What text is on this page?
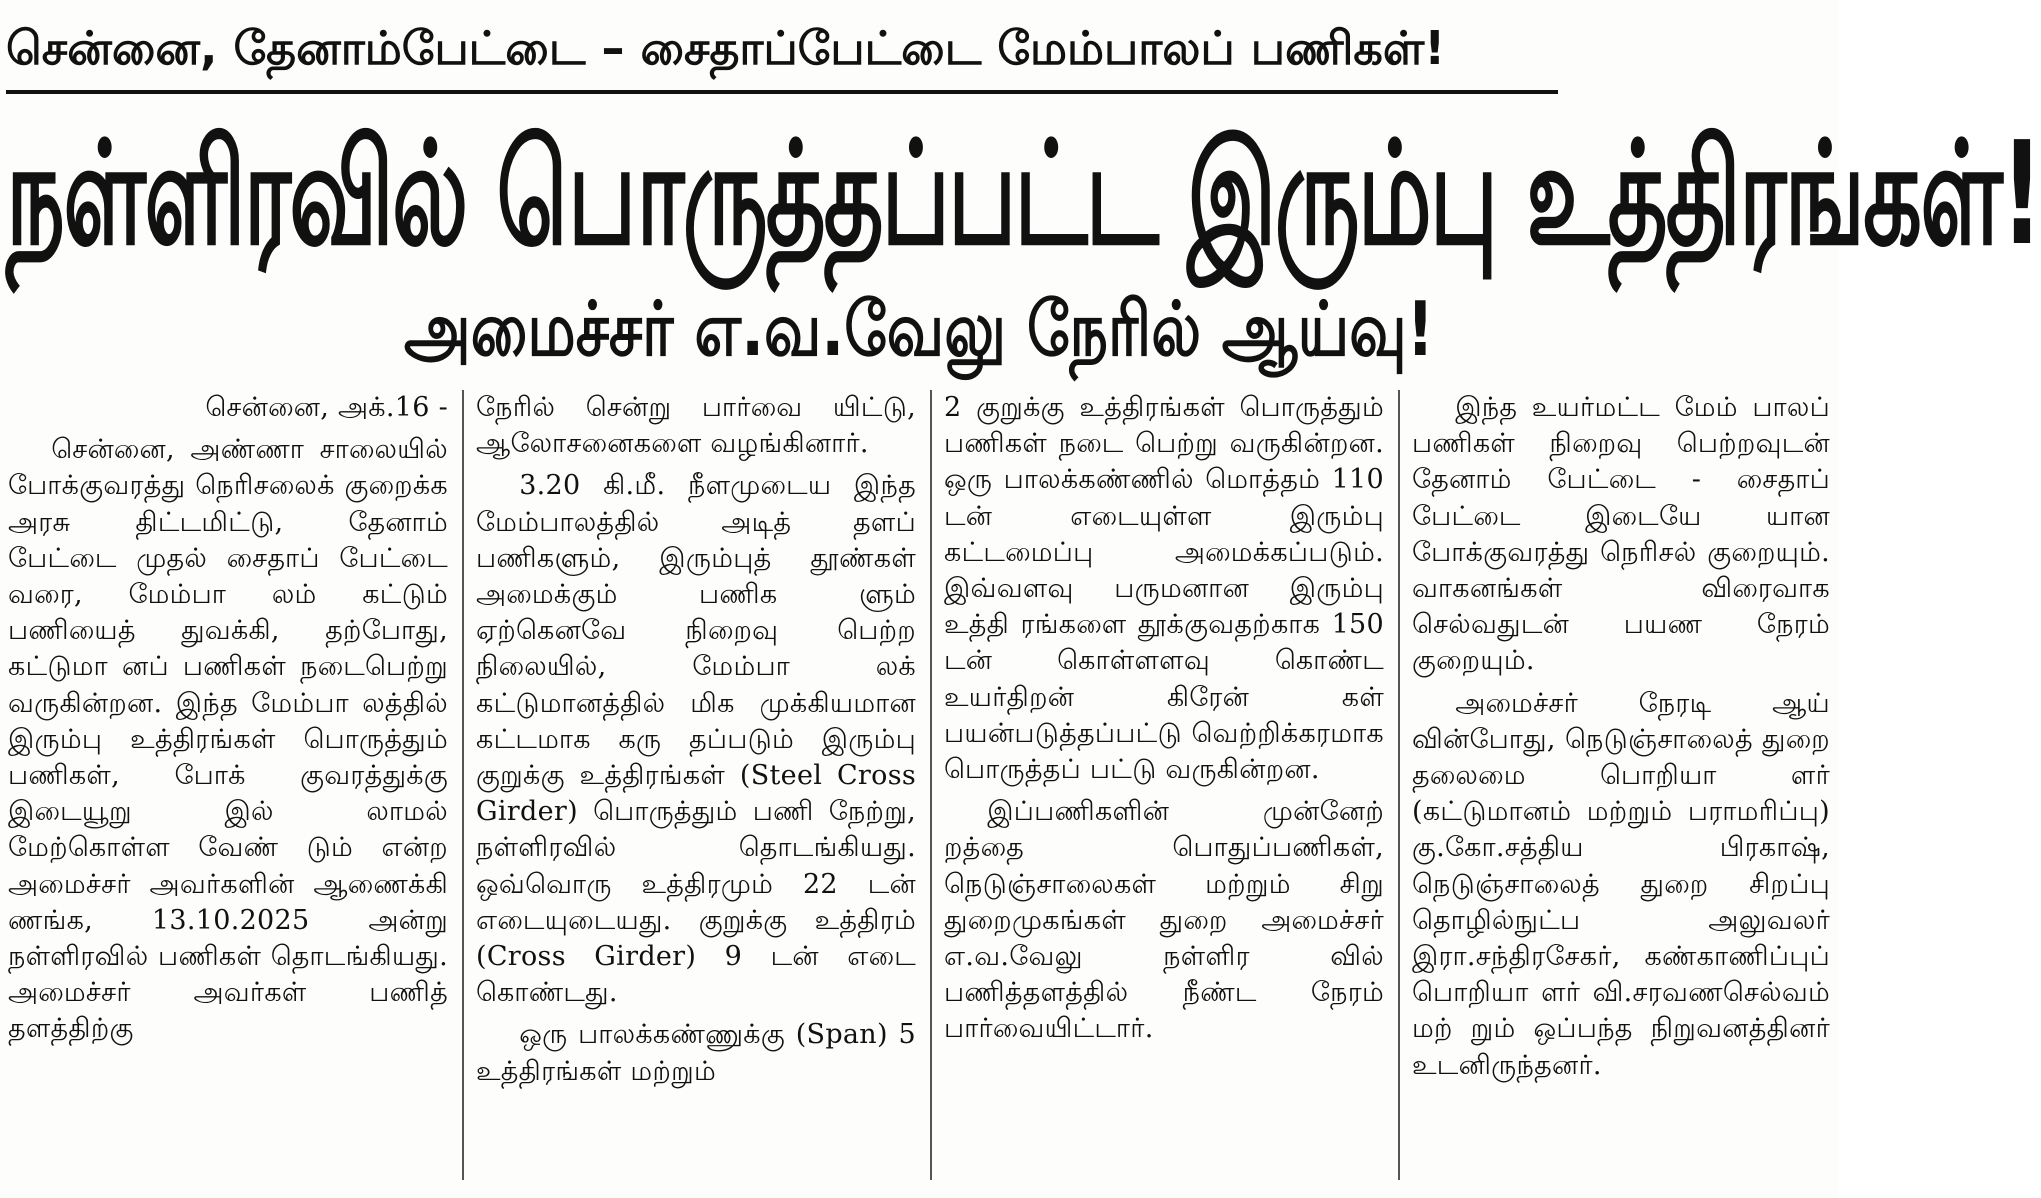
சென்னை, தேனாம்பேட்டை – சைதாப்பேட்டை மேம்பாலப் பணிகள்!
நள்ளிரவில் பொருத்தப்பட்ட இரும்பு உத்திரங்கள்!
அமைச்சர் எ.வ.வேலு நேரில் ஆய்வு!

சென்னை, அக்.16 -

சென்னை, அண்ணா சாலையில் போக்குவரத்து நெரிசலைக் குறைக்க அரசு திட்டமிட்டு, தேனாம் பேட்டை முதல் சைதாப் பேட்டை வரை, மேம்பா லம் கட்டும் பணியைத் துவக்கி, தற்போது, கட்டுமா னப் பணிகள் நடைபெற்று வருகின்றன. இந்த மேம்பா லத்தில் இரும்பு உத்திரங்கள் பொருத்தும் பணிகள், போக் குவரத்துக்கு இடையூறு இல் லாமல் மேற்கொள்ள வேண் டும் என்ற அமைச்சர் அவர்களின் ஆணைக்கி ணங்க, 13.10.2025 அன்று நள்ளிரவில் பணிகள் தொடங்கியது. அமைச்சர் அவர்கள் பணித் தளத்திற்கு

நேரில் சென்று பார்வை யிட்டு, ஆலோசனைகளை வழங்கினார்.

3.20 கி.மீ. நீளமுடைய இந்த மேம்பாலத்தில் அடித் தளப் பணிகளும், இரும்புத் தூண்கள் அமைக்கும் பணிக ளும் ஏற்கெனவே நிறைவு பெற்ற நிலையில், மேம்பா லக் கட்டுமானத்தில் மிக முக்கியமான கட்டமாக கரு தப்படும் இரும்பு குறுக்கு உத்திரங்கள் (Steel Cross Girder) பொருத்தும் பணி நேற்று, நள்ளிரவில் தொடங்கியது. ஒவ்வொரு உத்திரமும் 22 டன் எடையுடையது. குறுக்கு உத்திரம் (Cross Girder) 9 டன் எடை கொண்டது.

ஒரு பாலக்கண்ணுக்கு (Span) 5 உத்திரங்கள் மற்றும்

2 குறுக்கு உத்திரங்கள் பொருத்தும் பணிகள் நடை பெற்று வருகின்றன. ஒரு பாலக்கண்ணில் மொத்தம் 110 டன் எடையுள்ள இரும்பு கட்டமைப்பு அமைக்கப்படும். இவ்வளவு பருமனான இரும்பு உத்தி ரங்களை தூக்குவதற்காக 150 டன் கொள்ளளவு கொண்ட உயர்திறன் கிரேன் கள் பயன்படுத்தப்பட்டு வெற்றிக்கரமாக பொருத்தப் பட்டு வருகின்றன.

இப்பணிகளின் முன்னேற் றத்தை பொதுப்பணிகள், நெடுஞ்சாலைகள் மற்றும் சிறு துறைமுகங்கள் துறை அமைச்சர் எ.வ.வேலு நள்ளிர வில் பணித்தளத்தில் நீண்ட நேரம் பார்வையிட்டார்.

இந்த உயர்மட்ட மேம் பாலப் பணிகள் நிறைவு பெற்றவுடன் தேனாம் பேட்டை - சைதாப் பேட்டை இடையே யான போக்குவரத்து நெரிசல் குறையும். வாகனங்கள் விரைவாக செல்வதுடன் பயண நேரம் குறையும்.

அமைச்சர் நேரடி ஆய் வின்போது, நெடுஞ்சாலைத் துறை தலைமை பொறியா ளர் (கட்டுமானம் மற்றும் பராமரிப்பு) கு.கோ.சத்திய பிரகாஷ், நெடுஞ்சாலைத் துறை சிறப்பு தொழில்நுட்ப அலுவலர் இரா.சந்திரசேகர், கண்காணிப்புப் பொறியா ளர் வி.சரவணசெல்வம் மற் றும் ஒப்பந்த நிறுவனத்தினர் உடனிருந்தனர்.
